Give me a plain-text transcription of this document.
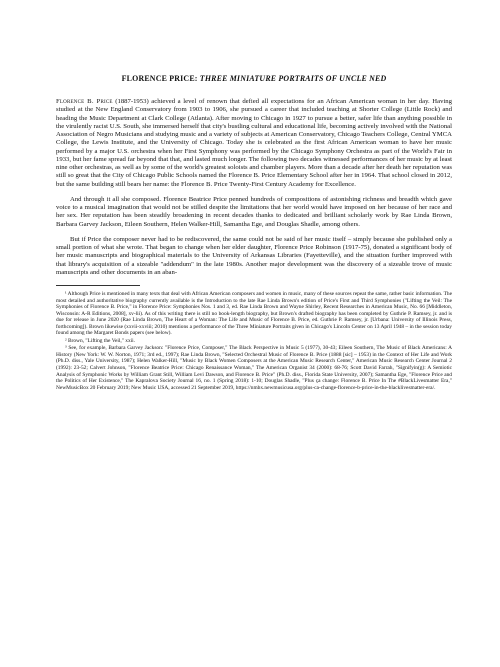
FLORENCE PRICE: THREE MINIATURE PORTRAITS OF UNCLE NED

Florence B. Price (1887-1953) achieved a level of renown that defied all expectations for an African American woman in her day. Having studied at the New England Conservatory from 1903 to 1906, she pursued a career that included teaching at Shorter College (Little Rock) and heading the Music Department at Clark College (Atlanta). After moving to Chicago in 1927 to pursue a better, safer life than anything possible in the virulently racist U.S. South, she immersed herself that city's bustling cultural and educational life, becoming actively involved with the National Association of Negro Musicians and studying music and a variety of subjects at American Conservatory, Chicago Teachers College, Central YMCA College, the Lewis Institute, and the University of Chicago. Today she is celebrated as the first African American woman to have her music performed by a major U.S. orchestra when her First Symphony was performed by the Chicago Symphony Orchestra as part of the World's Fair in 1933, but her fame spread far beyond that that, and lasted much longer. The following two decades witnessed performances of her music by at least nine other orchestras, as well as by some of the world's greatest soloists and chamber players. More than a decade after her death her reputation was still so great that the City of Chicago Public Schools named the Florence B. Price Elementary School after her in 1964. That school closed in 2012, but the same building still bears her name: the Florence B. Price Twenty-First Century Academy for Excellence.

And through it all she composed. Florence Beatrice Price penned hundreds of compositions of astonishing richness and breadth which gave voice to a musical imagination that would not be stilled despite the limitations that her world would have imposed on her because of her race and her sex. Her reputation has been steadily broadening in recent decades thanks to dedicated and brilliant scholarly work by Rae Linda Brown, Barbara Garvey Jackson, Eileen Southern, Helen Walker-Hill, Samantha Ege, and Douglas Shadle, among others.

But if Price the composer never had to be rediscovered, the same could not be said of her music itself – simply because she published only a small portion of what she wrote. That began to change when her elder daughter, Florence Price Robinson (1917-75), donated a significant body of her music manuscripts and biographical materials to the University of Arkansas Libraries (Fayetteville), and the situation further improved with that library's acquisition of a sizeable "addendum" in the late 1980s. Another major development was the discovery of a sizeable trove of music manuscripts and other documents in an aban-

¹ Although Price is mentioned in many texts that deal with African American composers and women in music, many of these sources repeat the same, rather basic information. The most detailed and authoritative biography currently available is the Introduction to the late Rae Linda Brown's edition of Price's First and Third Symphonies ("Lifting the Veil: The Symphonies of Florence B. Price," in Florence Price: Symphonies Nos. 1 and 3, ed. Rae Linda Brown and Wayne Shirley, Recent Researches in American Music, No. 66 [Middleton, Wisconsin: A-R Editions, 2008], xv-lii). As of this writing there is still no book-length biography, but Brown's drafted biography has been completed by Guthrie P. Ramsey, jr. and is due for release in June 2020 (Rae Linda Brown, The Heart of a Woman: The Life and Music of Florence B. Price, ed. Guthrie P. Ramsey, jr. [Urbana: University of Illinois Press, forthcoming]). Brown likewise (xxvii-xxviii; 2010) mentions a performance of the Three Miniature Portraits given in Chicago's Lincoln Center on 13 April 1948 – in the session today found among the Margaret Bonds papers (see below).

² Brown, "Lifting the Veil," xxii.

³ See, for example, Barbara Garvey Jackson: "Florence Price, Composer," The Black Perspective in Music 5 (1977), 30-43; Eileen Southern, The Music of Black Americans: A History (New York: W. W. Norton, 1971; 3rd ed., 1997); Rae Linda Brown, "Selected Orchestral Music of Florence B. Price (1888 [sic] – 1953) in the Context of Her Life and Work (Ph.D. diss., Yale University, 1987); Helen Walker-Hill, "Music by Black Women Composers at the American Music Research Center," American Music Research Center Journal 2 (1992): 23-52; Calvert Johnson, "Florence Beatrice Price: Chicago Renaissance Woman," The American Organist 34 (2000): 68-76; Scott David Farrah, "Signifyin(g): A Semiotic Analysis of Symphonic Works by William Grant Still, William Levi Dawson, and Florence B. Price" (Ph.D. diss., Florida State University, 2007); Samantha Ege, "Florence Price and the Politics of Her Existence," The Kapralova Society Journal 16, no. 1 (Spring 2018): 1-10; Douglas Shadle, "Plus ça change: Florence B. Price In The #BlackLivesmatter Era," NewMusicBox 20 February 2019; New Music USA, accessed 21 September 2019, https://nmbx.newmusicusa.org/plus-ca-change-florence-b-price-in-the-blacklivesmatter-era/.
